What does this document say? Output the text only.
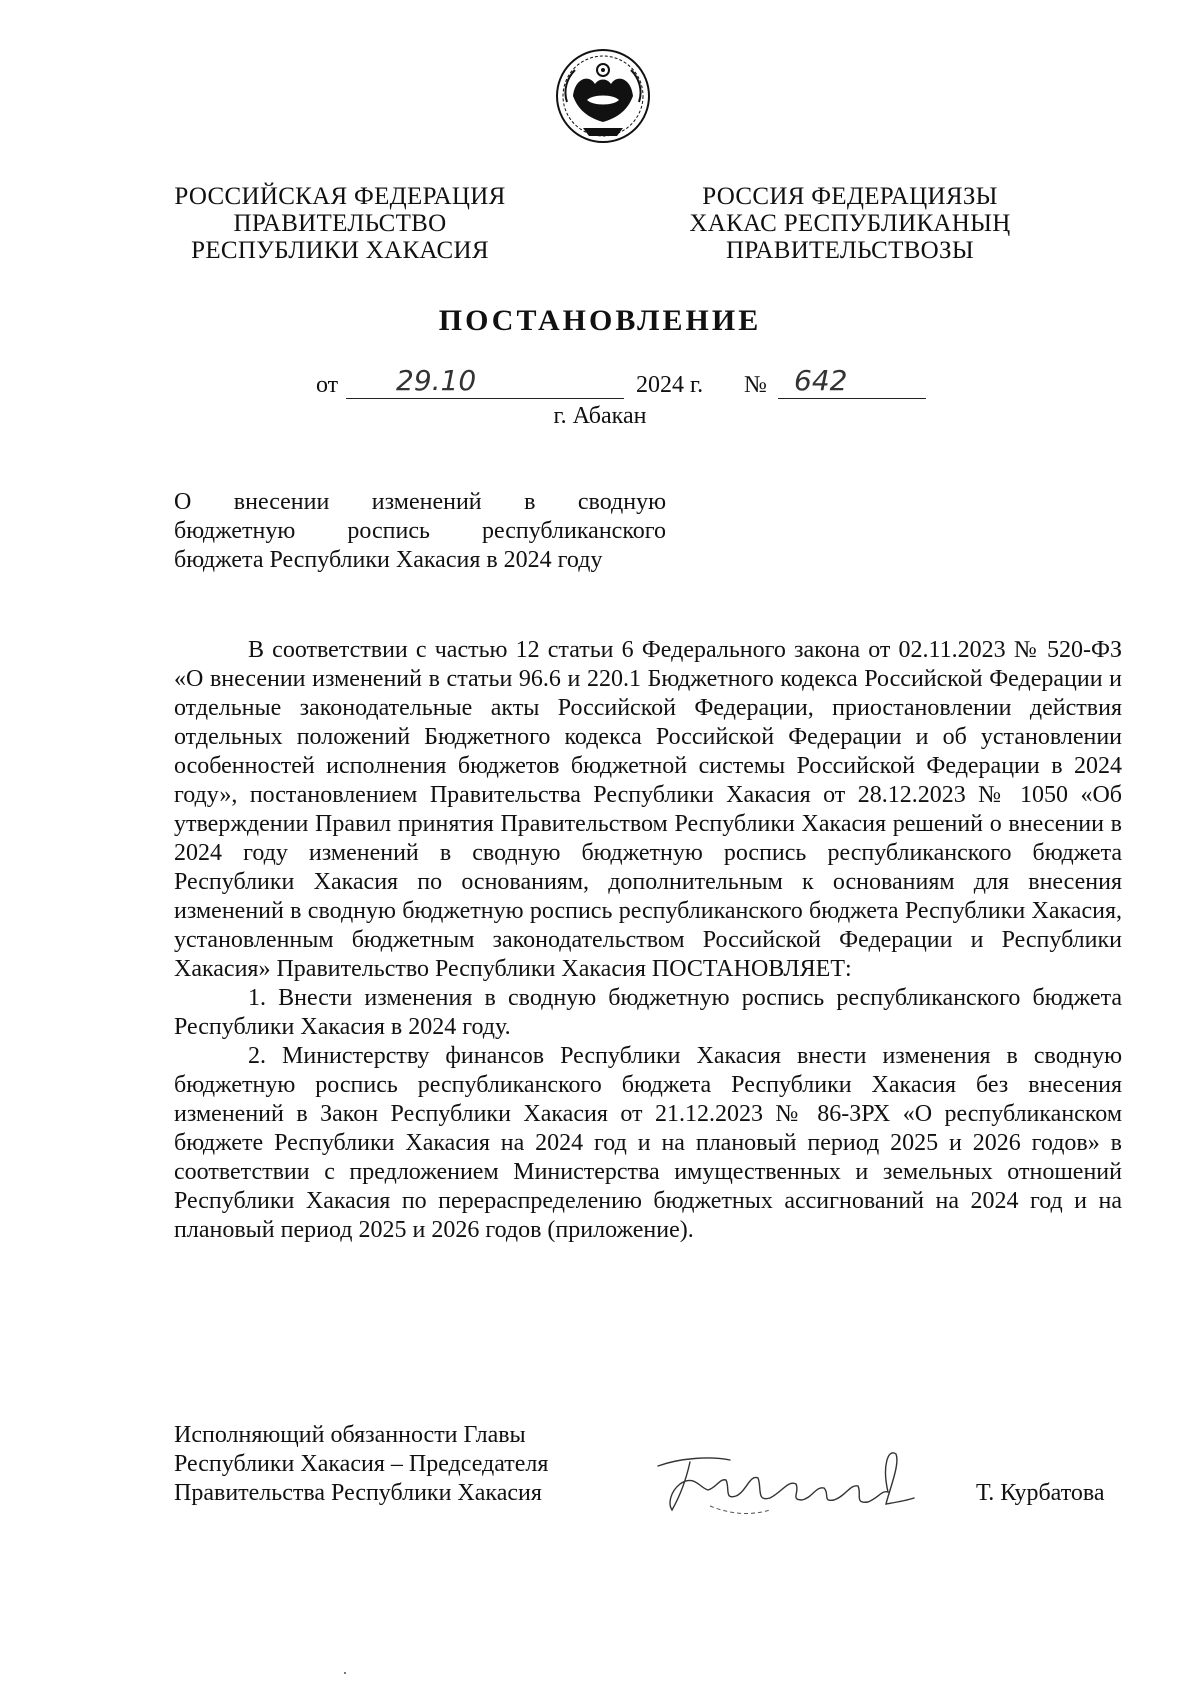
РОССИЙСКАЯ ФЕДЕРАЦИЯ
ПРАВИТЕЛЬСТВО
РЕСПУБЛИКИ ХАКАСИЯ
РОССИЯ ФЕДЕРАЦИЯЗЫ
ХАКАС РЕСПУБЛИКАНЫҢ
ПРАВИТЕЛЬСТВОЗЫ
ПОСТАНОВЛЕНИЕ
от 29.10	2024 г. № 642
г. Абакан
О внесении изменений в сводную
бюджетную роспись республиканского
бюджета Республики Хакасия в 2024 году

В соответствии с частью 12 статьи 6 Федерального закона от 02.11.2023 № 520-ФЗ «О внесении изменений в статьи 96.6 и 220.1 Бюджетного кодекса Российской Федерации и отдельные законодательные акты Российской Федерации, приостановлении действия отдельных положений Бюджетного кодекса Российской Федерации и об установлении особенностей исполнения бюджетов бюджетной системы Российской Федерации в 2024 году», постановлением Правительства Республики Хакасия от 28.12.2023 № 1050 «Об утверждении Правил принятия Правительством Республики Хакасия решений о внесении в 2024 году изменений в сводную бюджетную роспись республиканского бюджета Республики Хакасия по основаниям, дополнительным к основаниям для внесения изменений в сводную бюджетную роспись республиканского бюджета Республики Хакасия, установленным бюджетным законодательством Российской Федерации и Республики Хакасия» Правительство Республики Хакасия ПОСТАНОВЛЯЕТ:

1. Внести изменения в сводную бюджетную роспись республиканского бюджета Республики Хакасия в 2024 году.

2. Министерству финансов Республики Хакасия внести изменения в сводную бюджетную роспись республиканского бюджета Республики Хакасия без внесения изменений в Закон Республики Хакасия от 21.12.2023 № 86-ЗРХ «О республиканском бюджете Республики Хакасия на 2024 год и на плановый период 2025 и 2026 годов» в соответствии с предложением Министерства имущественных и земельных отношений Республики Хакасия по перераспределению бюджетных ассигнований на 2024 год и на плановый период 2025 и 2026 годов (приложение).

Исполняющий обязанности Главы
Республики Хакасия – Председателя
Правительства Республики Хакасия	Т. Курбатова
